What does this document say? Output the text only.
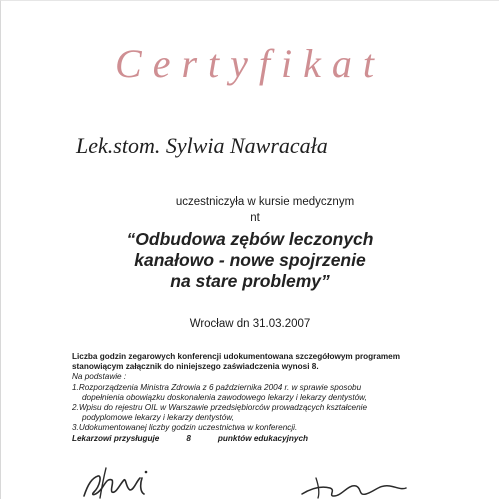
Certyfikat
Lek.stom. Sylwia Nawracała
uczestniczyła w kursie medycznym
nt
“Odbudowa zębów leczonych
kanałowo - nowe spojrzenie
na stare problemy”
Wrocław dn 31.03.2007
Liczba godzin zegarowych konferencji udokumentowana szczegółowym programem
stanowiącym załącznik do niniejszego zaświadczenia wynosi 8.
Na podstawie :
1.Rozporządzenia Ministra Zdrowia z 6 października 2004 r. w sprawie sposobu
dopełnienia obowiązku doskonalenia zawodowego lekarzy i lekarzy dentystów,
2.Wpisu do rejestru OIL w Warszawie przedsiębiorców prowadzących kształcenie
podyplomowe lekarzy i lekarzy dentystów,
3.Udokumentowanej liczby godzin uczestnictwa w konferencji.
Lekarzowi przysługuje	8	punktów edukacyjnych
